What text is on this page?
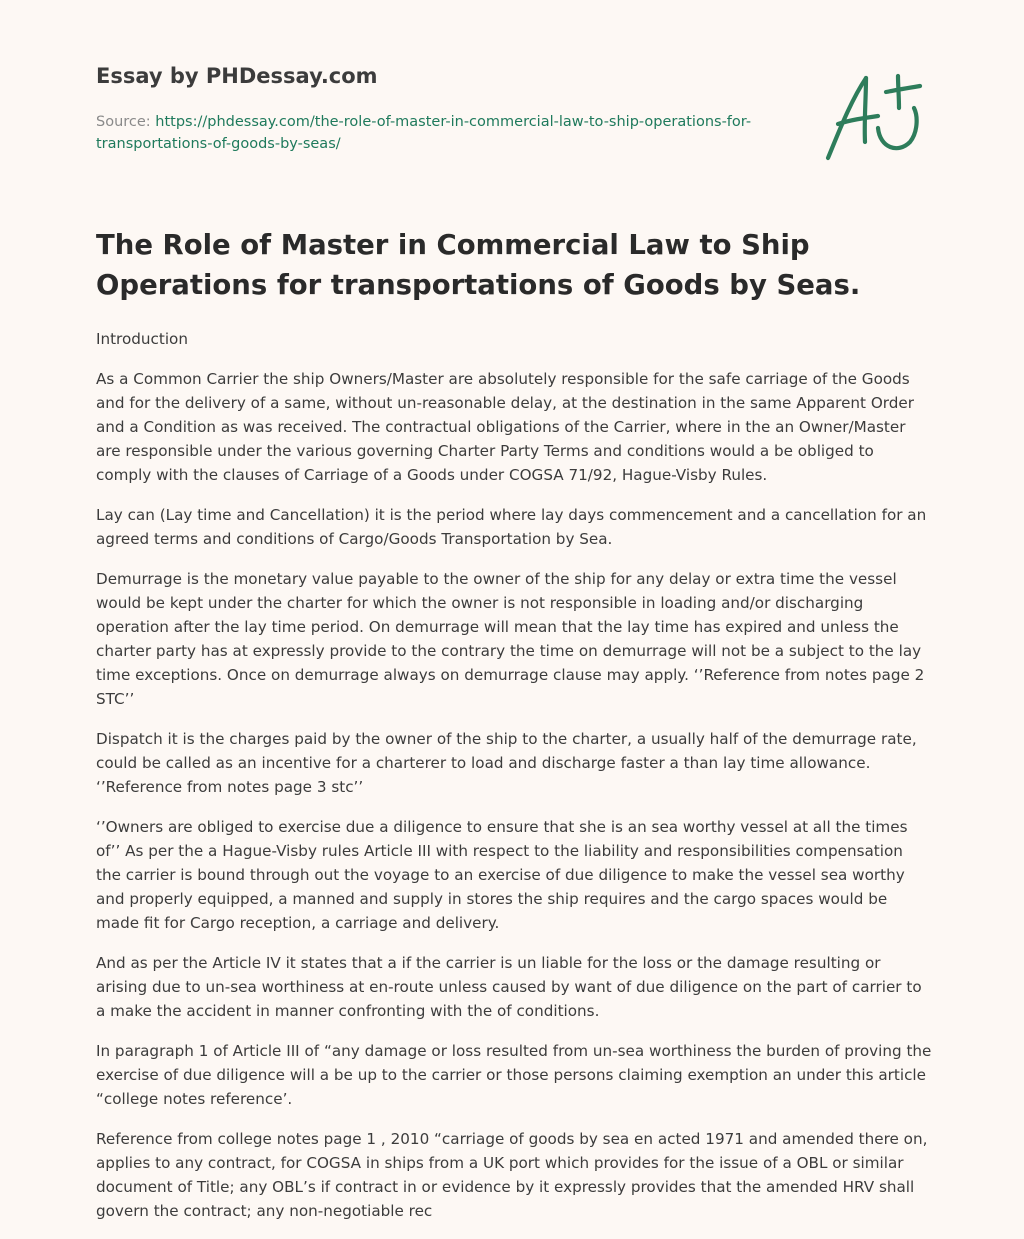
Essay by PHDessay.com
Source: https://phdessay.com/the-role-of-master-in-commercial-law-to-ship-operations-for-transportations-of-goods-by-seas/
The Role of Master in Commercial Law to Ship Operations for transportations of Goods by Seas.

Introduction

As a Common Carrier the ship Owners/Master are absolutely responsible for the safe carriage of the Goods and for the delivery of a same, without un-reasonable delay, at the destination in the same Apparent Order and a Condition as was received. The contractual obligations of the Carrier, where in the an Owner/Master are responsible under the various governing Charter Party Terms and conditions would a be obliged to comply with the clauses of Carriage of a Goods under COGSA 71/92, Hague-Visby Rules.

Lay can (Lay time and Cancellation) it is the period where lay days commencement and a cancellation for an agreed terms and conditions of Cargo/Goods Transportation by Sea.

Demurrage is the monetary value payable to the owner of the ship for any delay or extra time the vessel would be kept under the charter for which the owner is not responsible in loading and/or discharging operation after the lay time period. On demurrage will mean that the lay time has expired and unless the charter party has at expressly provide to the contrary the time on demurrage will not be a subject to the lay time exceptions. Once on demurrage always on demurrage clause may apply. ‘’Reference from notes page 2 STC’’

Dispatch it is the charges paid by the owner of the ship to the charter, a usually half of the demurrage rate, could be called as an incentive for a charterer to load and discharge faster a than lay time allowance. ‘’Reference from notes page 3 stc’’

‘’Owners are obliged to exercise due a diligence to ensure that she is an sea worthy vessel at all the times of’’ As per the a Hague-Visby rules Article III with respect to the liability and responsibilities compensation the carrier is bound through out the voyage to an exercise of due diligence to make the vessel sea worthy and properly equipped, a manned and supply in stores the ship requires and the cargo spaces would be made fit for Cargo reception, a carriage and delivery.

And as per the Article IV it states that a if the carrier is un liable for the loss or the damage resulting or arising due to un-sea worthiness at en-route unless caused by want of due diligence on the part of carrier to a make the accident in manner confronting with the of conditions.

In paragraph 1 of Article III of “any damage or loss resulted from un-sea worthiness the burden of proving the exercise of due diligence will a be up to the carrier or those persons claiming exemption an under this article “college notes reference’.

Reference from college notes page 1 , 2010 “carriage of goods by sea en acted 1971 and amended there on, applies to any contract, for COGSA in ships from a UK port which provides for the issue of a OBL or similar document of Title; any OBL’s if contract in or evidence by it expressly provides that the amended HRV shall govern the contract; any non-negotiable rec
